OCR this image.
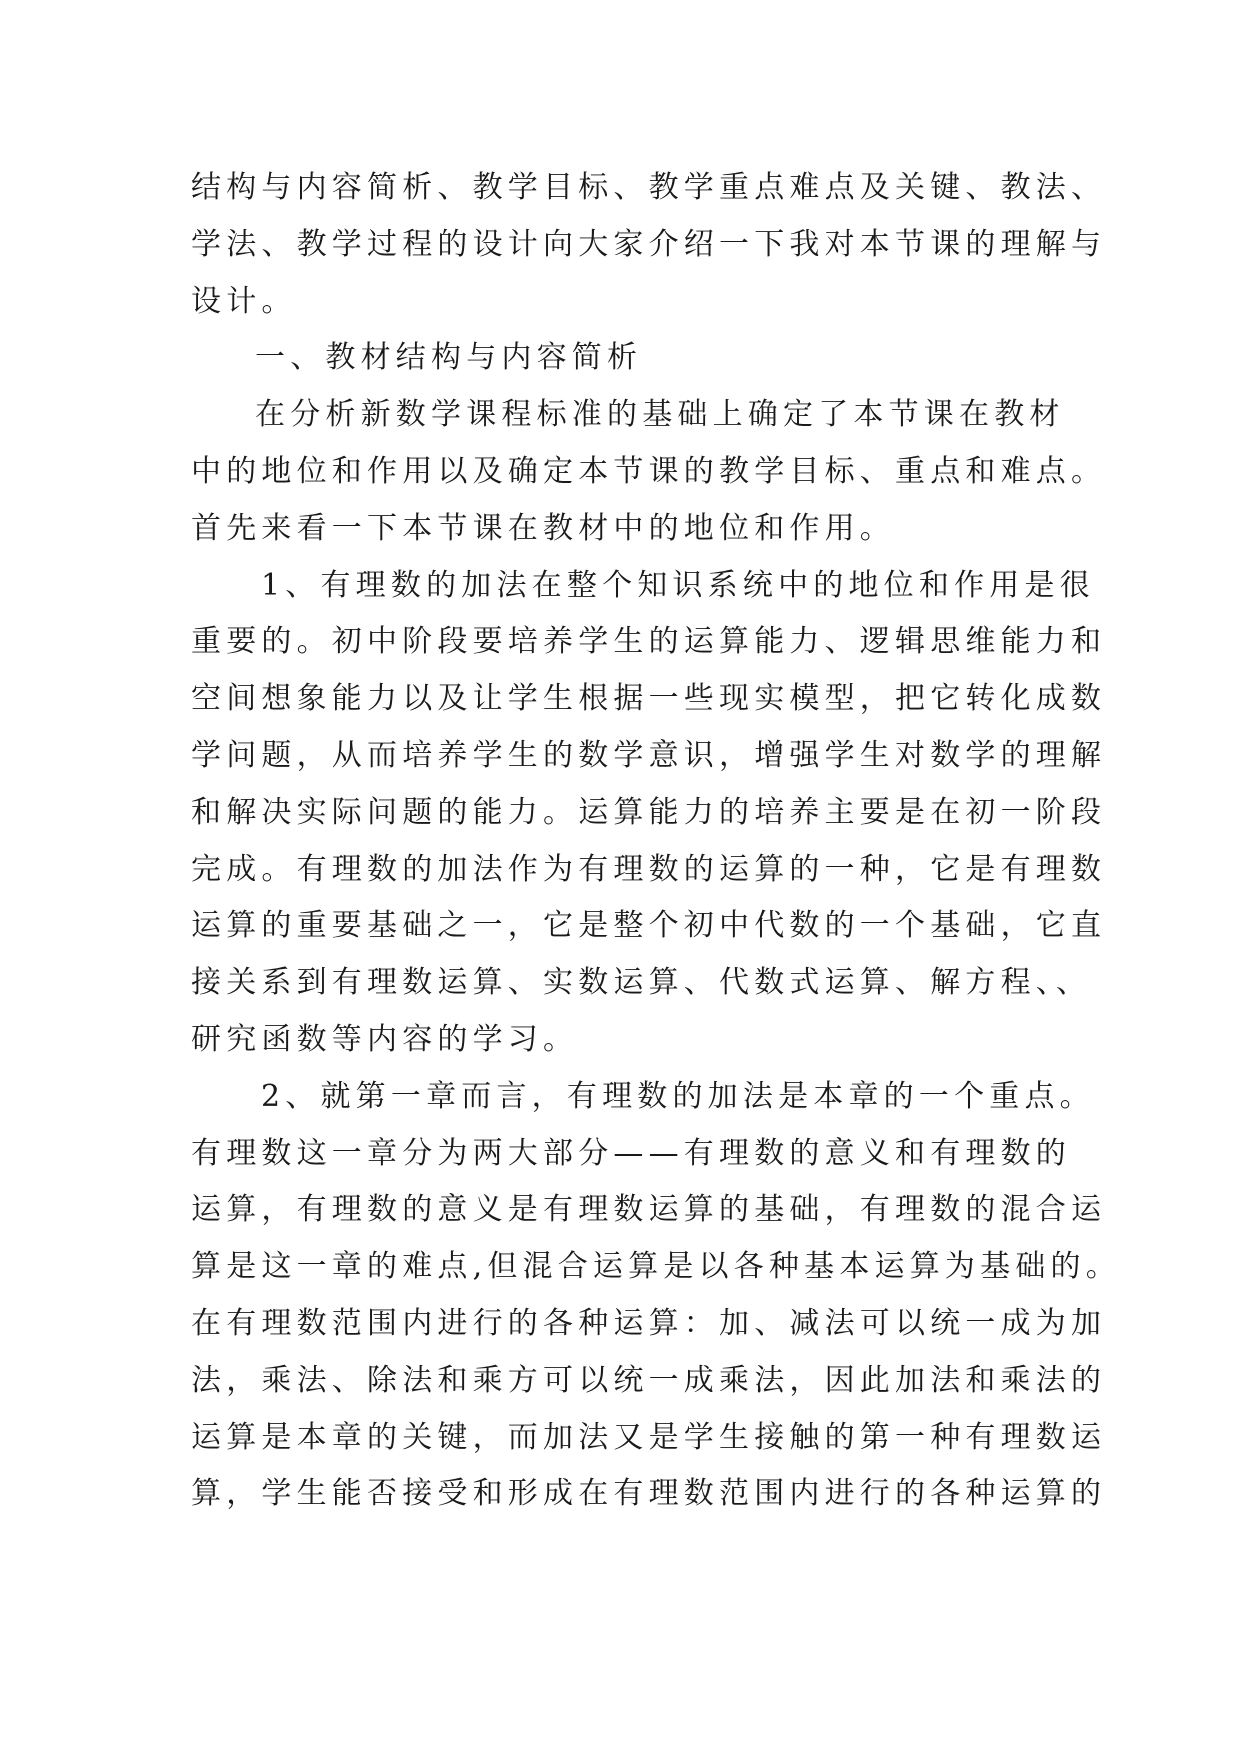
结构与内容简析、教学目标、教学重点难点及关键、教法、
学法、教学过程的设计向大家介绍一下我对本节课的理解与
设计。
一、教材结构与内容简析
在分析新数学课程标准的基础上确定了本节课在教材
中的地位和作用以及确定本节课的教学目标、重点和难点。
首先来看一下本节课在教材中的地位和作用。
1、有理数的加法在整个知识系统中的地位和作用是很
重要的。初中阶段要培养学生的运算能力、逻辑思维能力和
空间想象能力以及让学生根据一些现实模型，把它转化成数
学问题，从而培养学生的数学意识，增强学生对数学的理解
和解决实际问题的能力。运算能力的培养主要是在初一阶段
完成。有理数的加法作为有理数的运算的一种，它是有理数
运算的重要基础之一，它是整个初中代数的一个基础，它直
接关系到有理数运算、实数运算、代数式运算、解方程、、
研究函数等内容的学习。
2、就第一章而言，有理数的加法是本章的一个重点。
有理数这一章分为两大部分——有理数的意义和有理数的
运算，有理数的意义是有理数运算的基础，有理数的混合运
算是这一章的难点,但混合运算是以各种基本运算为基础的。
在有理数范围内进行的各种运算：加、减法可以统一成为加
法，乘法、除法和乘方可以统一成乘法，因此加法和乘法的
运算是本章的关键，而加法又是学生接触的第一种有理数运
算，学生能否接受和形成在有理数范围内进行的各种运算的
